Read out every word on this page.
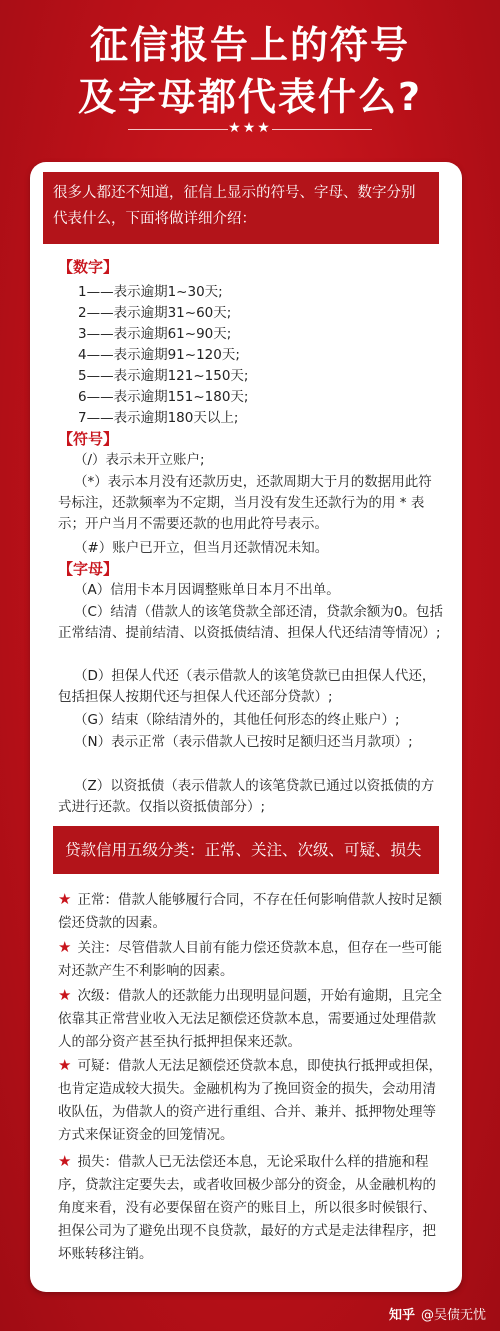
征信报告上的符号
及字母都代表什么?
★★★
很多人都还不知道，征信上显示的符号、字母、数字分别代表什么，下面将做详细介绍：
【数字】
1——表示逾期1~30天;
2——表示逾期31~60天;
3——表示逾期61~90天;
4——表示逾期91~120天;
5——表示逾期121~150天;
6——表示逾期151~180天;
7——表示逾期180天以上;
【符号】
（/）表示未开立账户;
（*）表示本月没有还款历史，还款周期大于月的数据用此符号标注，还款频率为不定期，当月没有发生还款行为的用 * 表示；开户当月不需要还款的也用此符号表示。
（#）账户已开立，但当月还款情况未知。
【字母】
（A）信用卡本月因调整账单日本月不出单。
（C）结清（借款人的该笔贷款全部还清，贷款余额为0。包括正常结清、提前结清、以资抵债结清、担保人代还结清等情况）;
（D）担保人代还（表示借款人的该笔贷款已由担保人代还，包括担保人按期代还与担保人代还部分贷款）;
（G）结束（除结清外的，其他任何形态的终止账户）;
（N）表示正常（表示借款人已按时足额归还当月款项）;
（Z）以资抵债（表示借款人的该笔贷款已通过以资抵债的方式进行还款。仅指以资抵债部分）;
贷款信用五级分类：正常、关注、次级、可疑、损失
★ 正常：借款人能够履行合同，不存在任何影响借款人按时足额偿还贷款的因素。
★ 关注：尽管借款人目前有能力偿还贷款本息，但存在一些可能对还款产生不利影响的因素。
★ 次级：借款人的还款能力出现明显问题，开始有逾期，且完全依靠其正常营业收入无法足额偿还贷款本息，需要通过处理借款人的部分资产甚至执行抵押担保来还款。
★ 可疑：借款人无法足额偿还贷款本息，即使执行抵押或担保，也肯定造成较大损失。金融机构为了挽回资金的损失，会动用清收队伍，为借款人的资产进行重组、合并、兼并、抵押物处理等方式来保证资金的回笼情况。
★ 损失：借款人已无法偿还本息，无论采取什么样的措施和程序，贷款注定要失去，或者收回极少部分的资金，从金融机构的角度来看，没有必要保留在资产的账目上，所以很多时候银行、担保公司为了避免出现不良贷款，最好的方式是走法律程序，把坏账转移注销。
知乎 @吴债无忧
